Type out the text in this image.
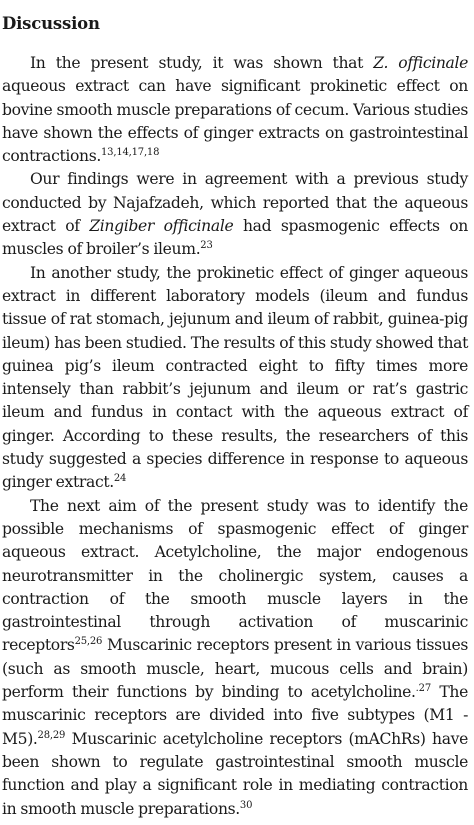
Discussion

In the present study, it was shown that Z. officinale aqueous extract can have significant prokinetic effect on bovine smooth muscle preparations of cecum. Various studies have shown the effects of ginger extracts on gastrointestinal contractions.$^{13,14,17,18}$

Our findings were in agreement with a previous study conducted by Najafzadeh, which reported that the aqueous extract of Zingiber officinale had spasmogenic effects on muscles of broiler’s ileum.$^{23}$

In another study, the prokinetic effect of ginger aqueous extract in different laboratory models (ileum and fundus tissue of rat stomach, jejunum and ileum of rabbit, guinea-pig ileum) has been studied. The results of this study showed that guinea pig’s ileum contracted eight to fifty times more intensely than rabbit’s jejunum and ileum or rat’s gastric ileum and fundus in contact with the aqueous extract of ginger. According to these results, the researchers of this study suggested a species difference in response to aqueous ginger extract.$^{24}$

The next aim of the present study was to identify the possible mechanisms of spasmogenic effect of ginger aqueous extract. Acetylcholine, the major endogenous neurotransmitter in the cholinergic system, causes a contraction of the smooth muscle layers in the gastrointestinal through activation of muscarinic receptors$^{25,26}$ Muscarinic receptors present in various tissues (such as smooth muscle, heart, mucous cells and brain) perform their functions by binding to acetylcholine.$^{.27}$ The muscarinic receptors are divided into five subtypes (M1 - M5).$^{28,29}$ Muscarinic acetylcholine receptors (mAChRs) have been shown to regulate gastrointestinal smooth muscle function and play a significant role in mediating contraction in smooth muscle preparations.$^{30}$
